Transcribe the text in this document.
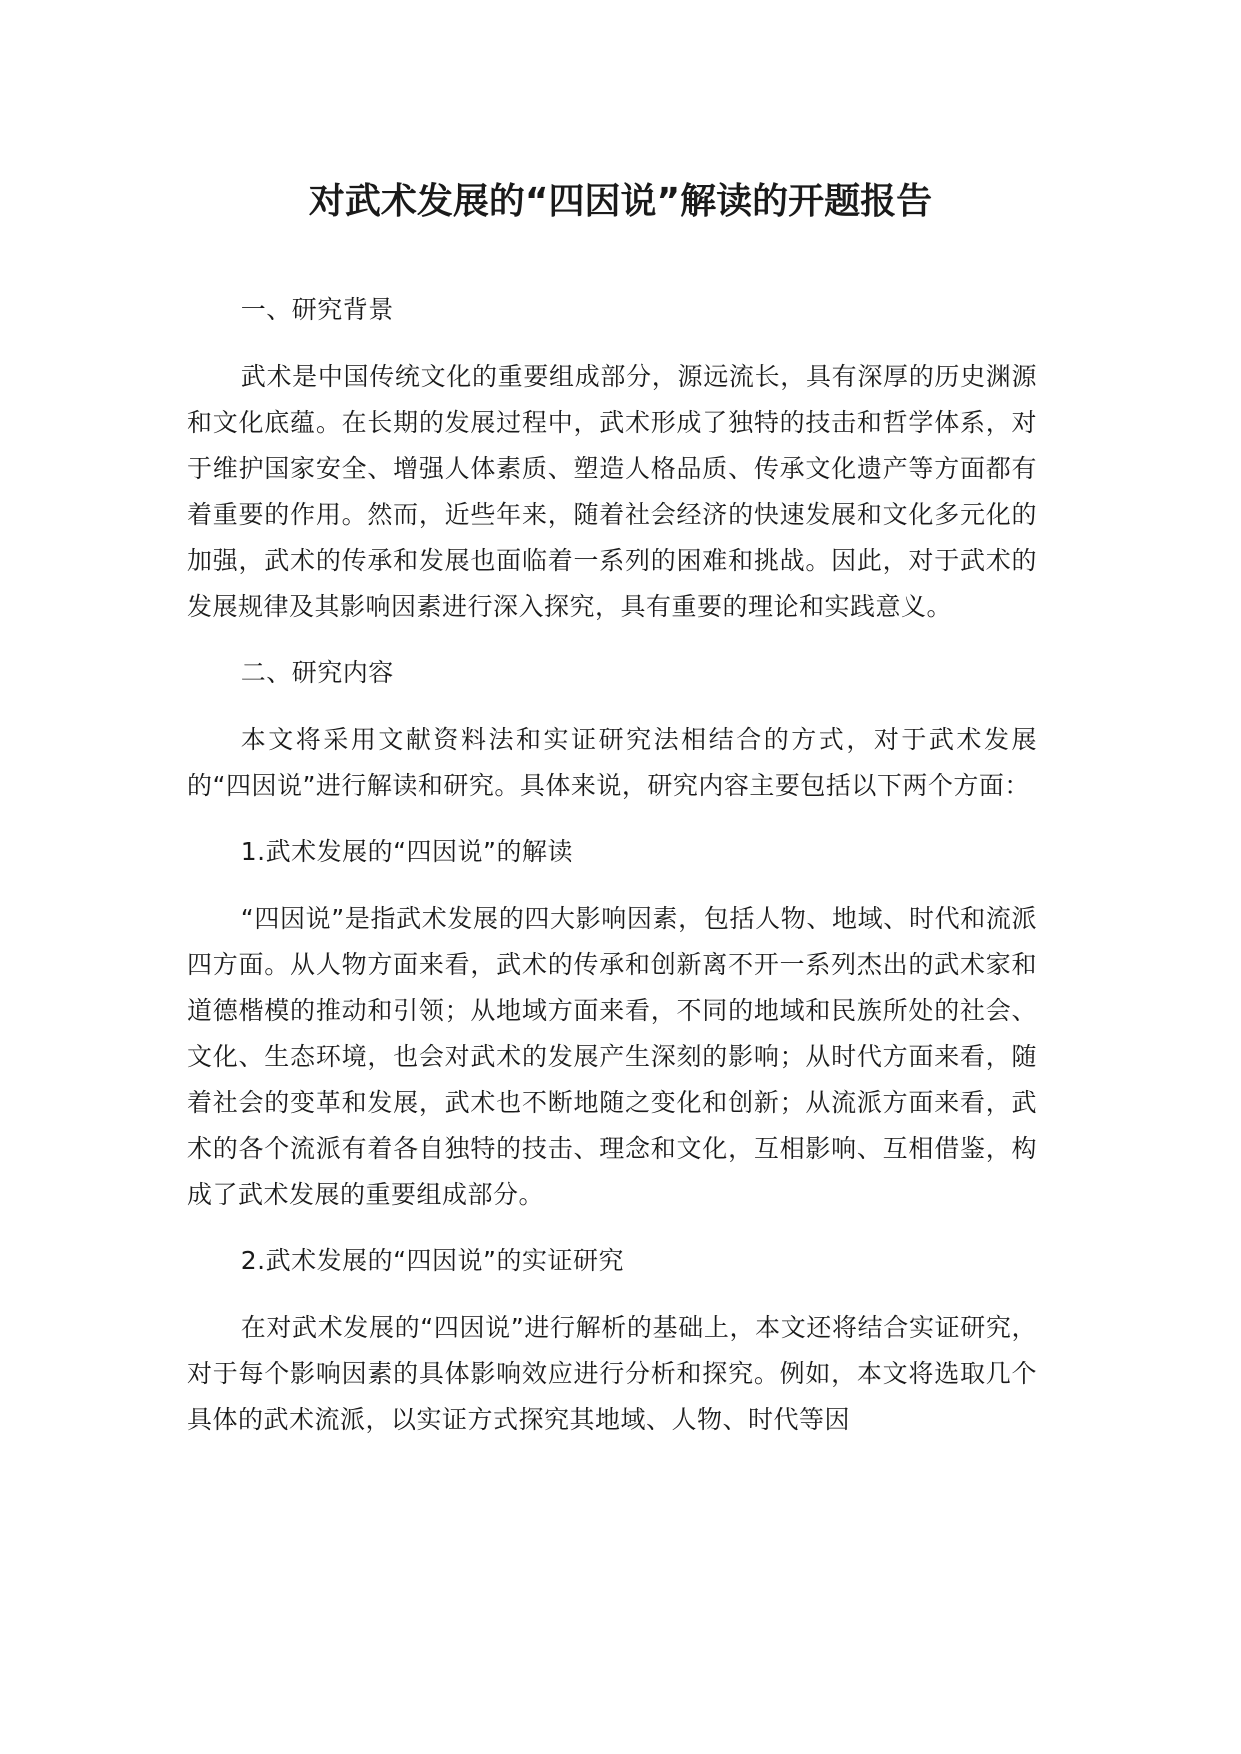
对武术发展的“四因说”解读的开题报告

一、研究背景

武术是中国传统文化的重要组成部分，源远流长，具有深厚的历史渊源和文化底蕴。在长期的发展过程中，武术形成了独特的技击和哲学体系，对于维护国家安全、增强人体素质、塑造人格品质、传承文化遗产等方面都有着重要的作用。然而，近些年来，随着社会经济的快速发展和文化多元化的加强，武术的传承和发展也面临着一系列的困难和挑战。因此，对于武术的发展规律及其影响因素进行深入探究，具有重要的理论和实践意义。

二、研究内容

本文将采用文献资料法和实证研究法相结合的方式，对于武术发展的“四因说”进行解读和研究。具体来说，研究内容主要包括以下两个方面：

1.武术发展的“四因说”的解读

“四因说”是指武术发展的四大影响因素，包括人物、地域、时代和流派四方面。从人物方面来看，武术的传承和创新离不开一系列杰出的武术家和道德楷模的推动和引领；从地域方面来看，不同的地域和民族所处的社会、文化、生态环境，也会对武术的发展产生深刻的影响；从时代方面来看，随着社会的变革和发展，武术也不断地随之变化和创新；从流派方面来看，武术的各个流派有着各自独特的技击、理念和文化，互相影响、互相借鉴，构成了武术发展的重要组成部分。

2.武术发展的“四因说”的实证研究

在对武术发展的“四因说”进行解析的基础上，本文还将结合实证研究，对于每个影响因素的具体影响效应进行分析和探究。例如，本文将选取几个具体的武术流派，以实证方式探究其地域、人物、时代等因
